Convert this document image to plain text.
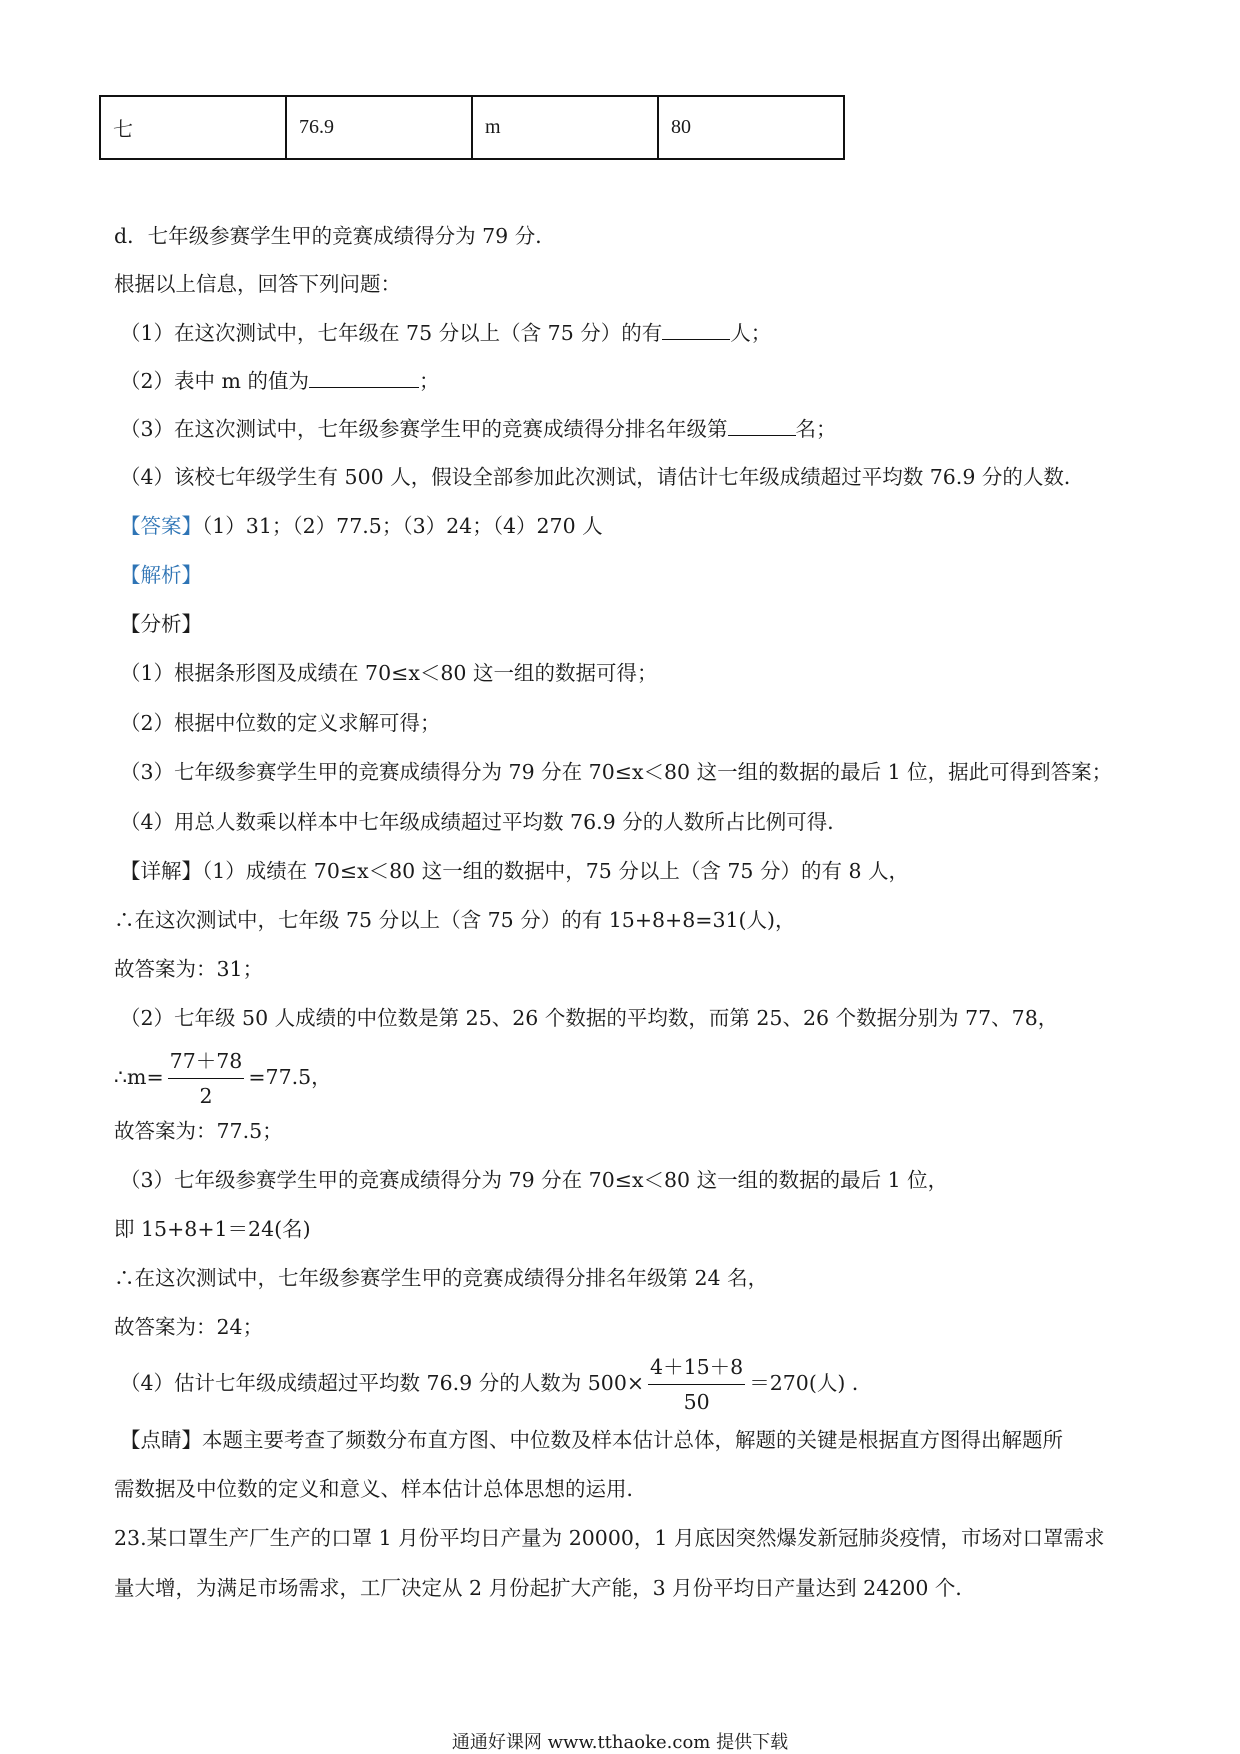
七	76.9	m	80
d．七年级参赛学生甲的竞赛成绩得分为 79 分．
根据以上信息，回答下列问题：
（1）在这次测试中，七年级在 75 分以上（含 75 分）的有	人；
（2）表中 m 的值为	；
（3）在这次测试中，七年级参赛学生甲的竞赛成绩得分排名年级第	名；
（4）该校七年级学生有 500 人，假设全部参加此次测试，请估计七年级成绩超过平均数 76.9 分的人数．
【答案】（1）31；（2）77.5；（3）24；（4）270 人
【解析】
【分析】
（1）根据条形图及成绩在 70≤x＜80 这一组的数据可得；
（2）根据中位数的定义求解可得；
（3）七年级参赛学生甲的竞赛成绩得分为 79 分在 70≤x＜80 这一组的数据的最后 1 位，据此可得到答案；
（4）用总人数乘以样本中七年级成绩超过平均数 76.9 分的人数所占比例可得．
【详解】（1）成绩在 70≤x＜80 这一组的数据中，75 分以上（含 75 分）的有 8 人，
∴在这次测试中，七年级 75 分以上（含 75 分）的有 15+8+8=31(人)，
故答案为：31；
（2）七年级 50 人成绩的中位数是第 25、26 个数据的平均数，而第 25、26 个数据分别为 77、78，
∴m= $\frac{77+78}{2} =77.5$，
故答案为：77.5；
（3）七年级参赛学生甲的竞赛成绩得分为 79 分在 70≤x＜80 这一组的数据的最后 1 位，
即 15+8+1＝24(名)
∴在这次测试中，七年级参赛学生甲的竞赛成绩得分排名年级第 24 名，
故答案为：24；
（4）估计七年级成绩超过平均数 76.9 分的人数为 $500\times \frac{4+15+8}{50} =270$(人) ．
【点睛】本题主要考查了频数分布直方图、中位数及样本估计总体，解题的关键是根据直方图得出解题所
需数据及中位数的定义和意义、样本估计总体思想的运用．
23.某口罩生产厂生产的口罩 1 月份平均日产量为 20000，1 月底因突然爆发新冠肺炎疫情，市场对口罩需求
量大增，为满足市场需求，工厂决定从 2 月份起扩大产能，3 月份平均日产量达到 24200 个．
通通好课网 www.tthaoke.com 提供下载
